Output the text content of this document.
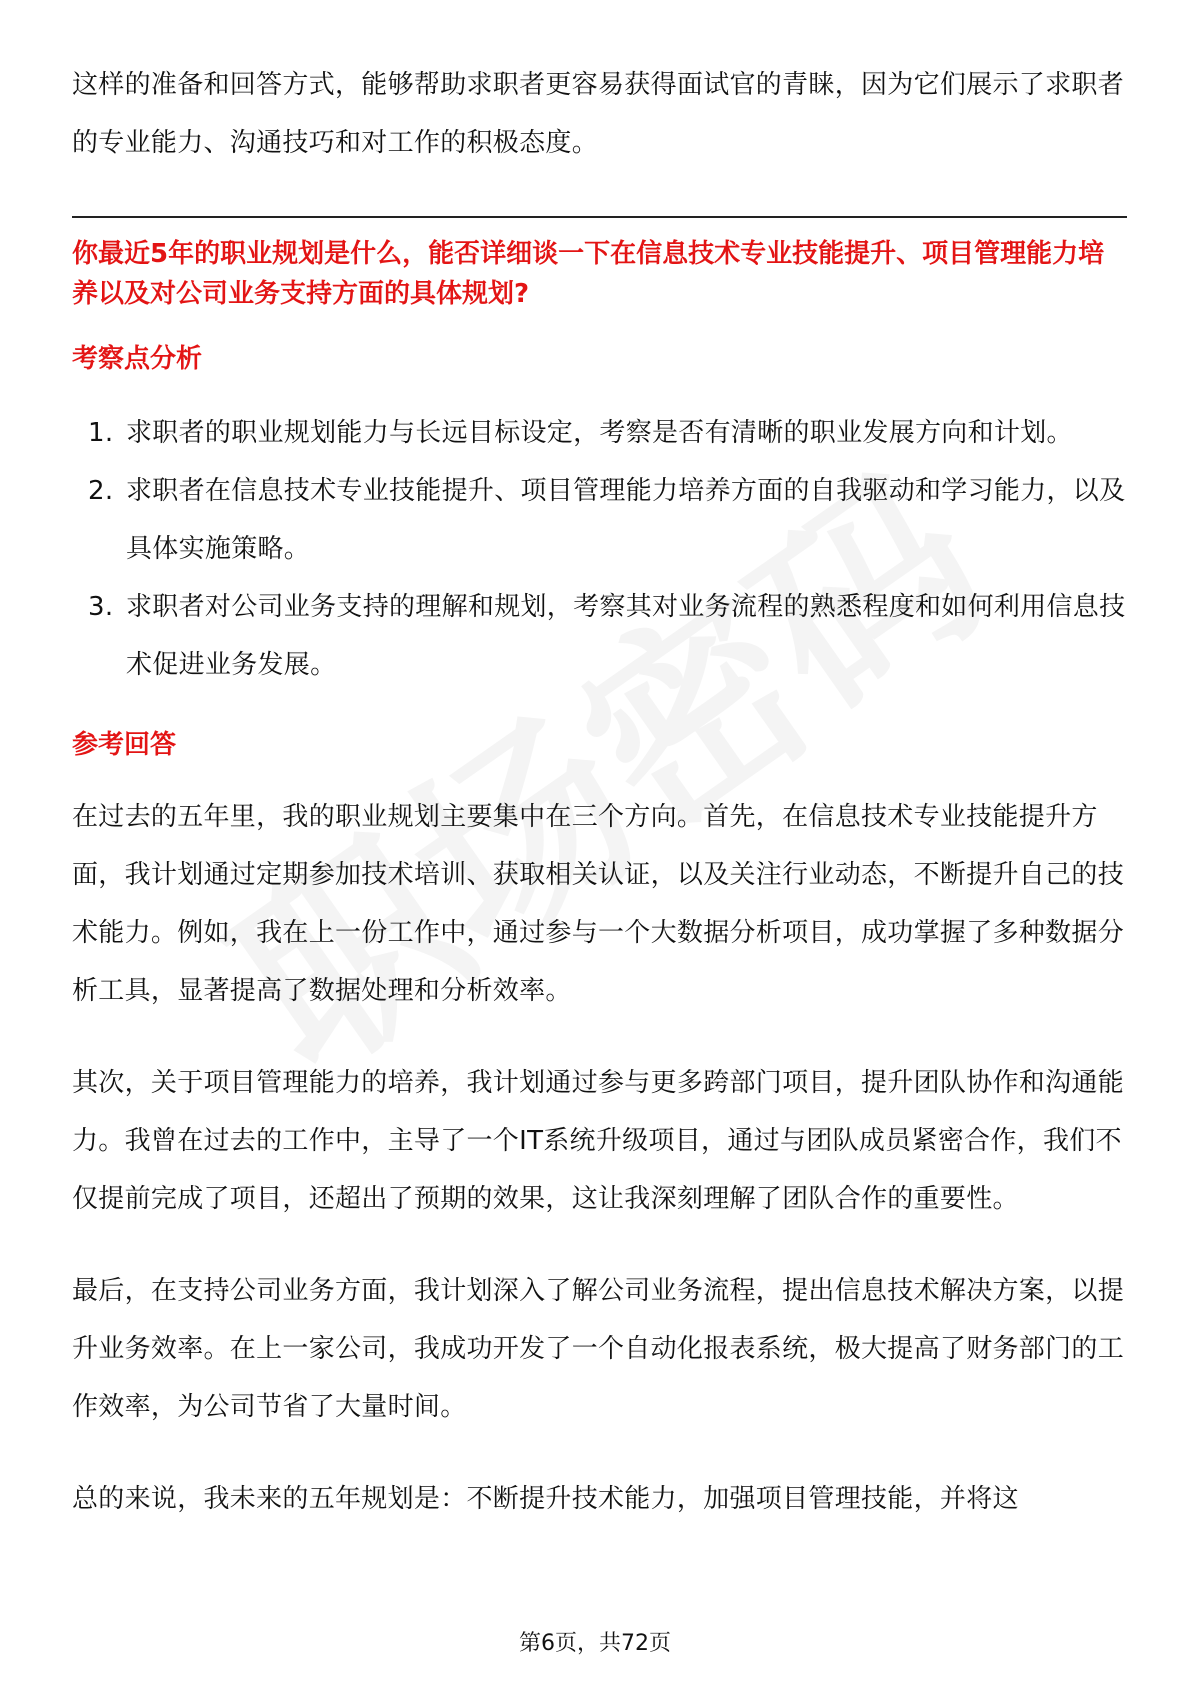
这样的准备和回答方式，能够帮助求职者更容易获得面试官的青睐，因为它们展示了求职者的专业能力、沟通技巧和对工作的积极态度。

你最近5年的职业规划是什么，能否详细谈一下在信息技术专业技能提升、项目管理能力培养以及对公司业务支持方面的具体规划?
考察点分析
1. 求职者的职业规划能力与长远目标设定，考察是否有清晰的职业发展方向和计划。
2. 求职者在信息技术专业技能提升、项目管理能力培养方面的自我驱动和学习能力，以及具体实施策略。
3. 求职者对公司业务支持的理解和规划，考察其对业务流程的熟悉程度和如何利用信息技术促进业务发展。
参考回答

在过去的五年里，我的职业规划主要集中在三个方向。首先，在信息技术专业技能提升方面，我计划通过定期参加技术培训、获取相关认证，以及关注行业动态，不断提升自己的技术能力。例如，我在上一份工作中，通过参与一个大数据分析项目，成功掌握了多种数据分析工具，显著提高了数据处理和分析效率。

其次，关于项目管理能力的培养，我计划通过参与更多跨部门项目，提升团队协作和沟通能力。我曾在过去的工作中，主导了一个IT系统升级项目，通过与团队成员紧密合作，我们不仅提前完成了项目，还超出了预期的效果，这让我深刻理解了团队合作的重要性。

最后，在支持公司业务方面，我计划深入了解公司业务流程，提出信息技术解决方案，以提升业务效率。在上一家公司，我成功开发了一个自动化报表系统，极大提高了财务部门的工作效率，为公司节省了大量时间。

总的来说，我未来的五年规划是：不断提升技术能力，加强项目管理技能，并将这

第6页，共72页
